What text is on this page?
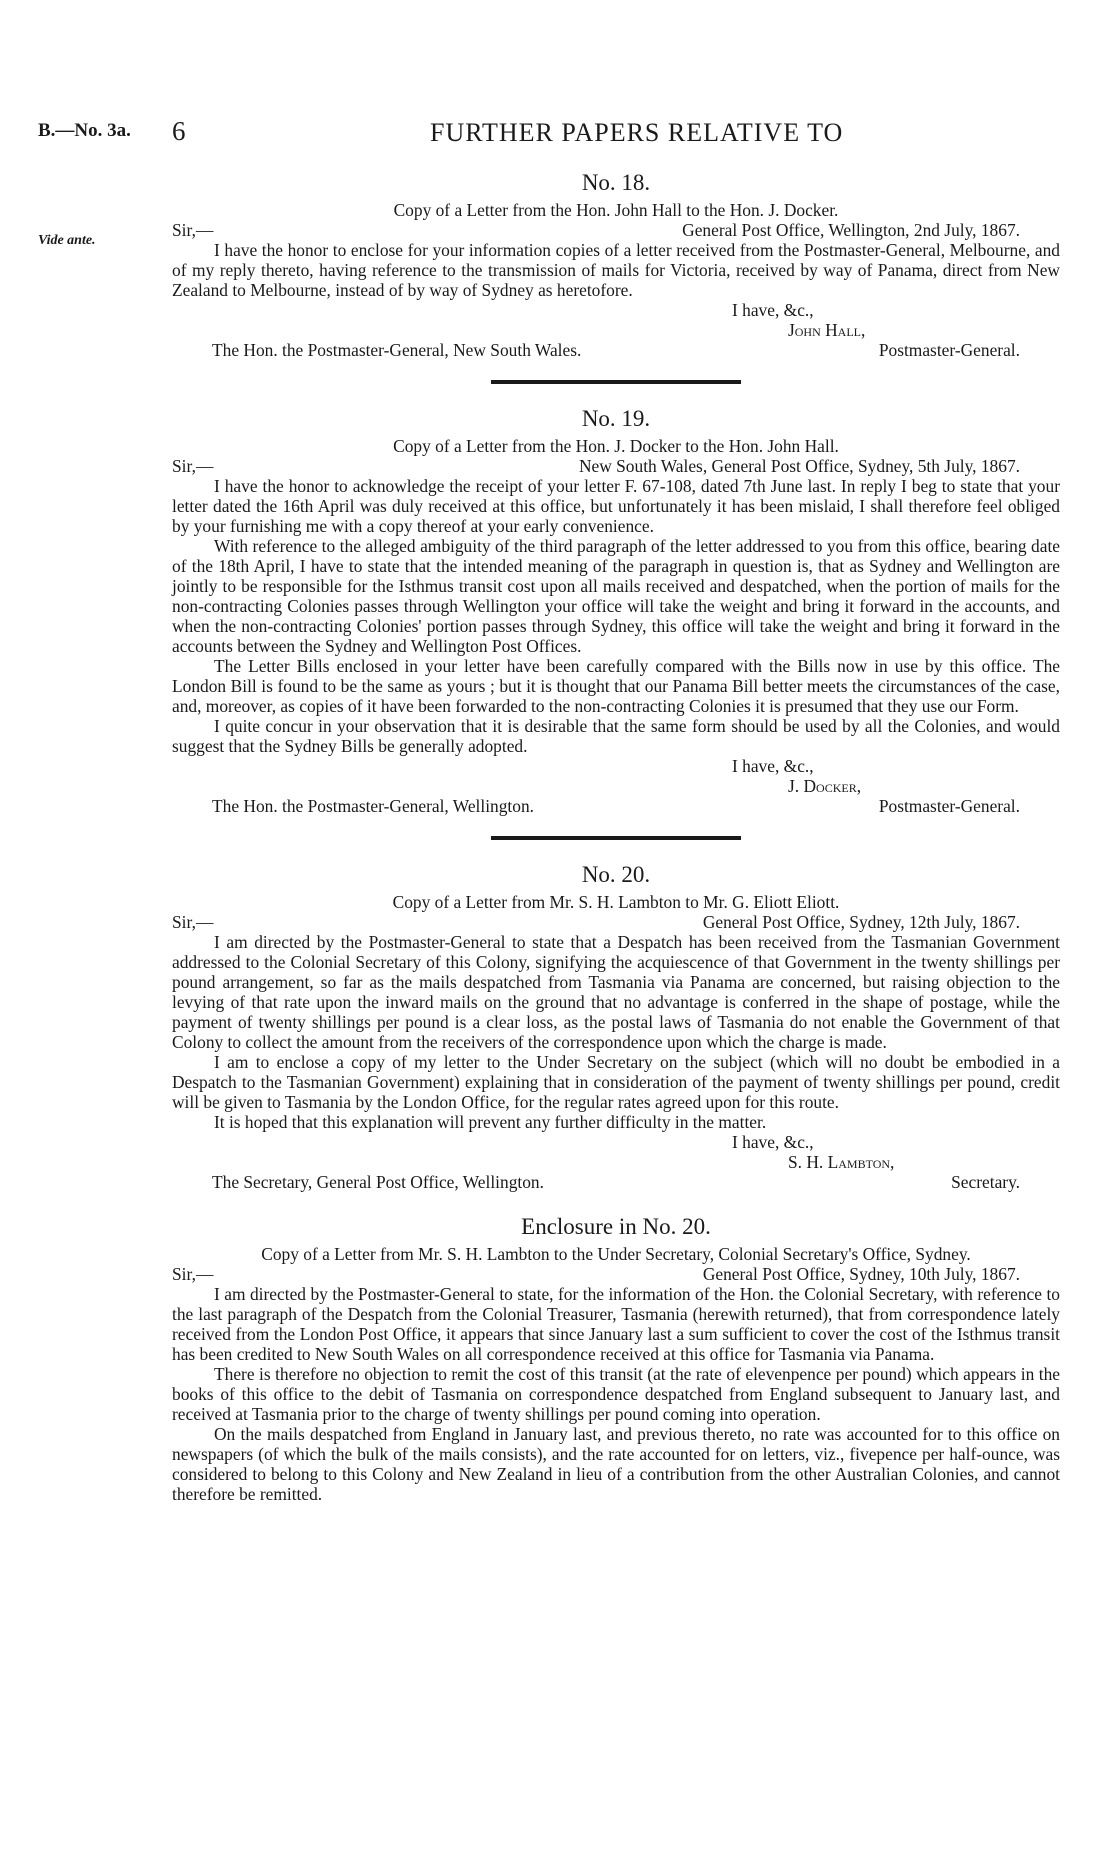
B.—No. 3a. 6	FURTHER PAPERS RELATIVE TO
Vide ante.
No. 18.
Copy of a Letter from the Hon. John Hall to the Hon. J. Docker.
Sir,—	General Post Office, Wellington, 2nd July, 1867.

I have the honor to enclose for your information copies of a letter received from the Postmaster-General, Melbourne, and of my reply thereto, having reference to the transmission of mails for Victoria, received by way of Panama, direct from New Zealand to Melbourne, instead of by way of Sydney as heretofore.

I have, &c.,
John Hall,
The Hon. the Postmaster-General, New South Wales.	Postmaster-General.
No. 19.
Copy of a Letter from the Hon. J. Docker to the Hon. John Hall.
Sir,—	New South Wales, General Post Office, Sydney, 5th July, 1867.

I have the honor to acknowledge the receipt of your letter F. 67-108, dated 7th June last. In reply I beg to state that your letter dated the 16th April was duly received at this office, but unfortunately it has been mislaid, I shall therefore feel obliged by your furnishing me with a copy thereof at your early convenience.

With reference to the alleged ambiguity of the third paragraph of the letter addressed to you from this office, bearing date of the 18th April, I have to state that the intended meaning of the paragraph in question is, that as Sydney and Wellington are jointly to be responsible for the Isthmus transit cost upon all mails received and despatched, when the portion of mails for the non-contracting Colonies passes through Wellington your office will take the weight and bring it forward in the accounts, and when the non-contracting Colonies' portion passes through Sydney, this office will take the weight and bring it forward in the accounts between the Sydney and Wellington Post Offices.

The Letter Bills enclosed in your letter have been carefully compared with the Bills now in use by this office. The London Bill is found to be the same as yours ; but it is thought that our Panama Bill better meets the circumstances of the case, and, moreover, as copies of it have been forwarded to the non-contracting Colonies it is presumed that they use our Form.

I quite concur in your observation that it is desirable that the same form should be used by all the Colonies, and would suggest that the Sydney Bills be generally adopted.

I have, &c.,
J. Docker,
The Hon. the Postmaster-General, Wellington.	Postmaster-General.
No. 20.
Copy of a Letter from Mr. S. H. Lambton to Mr. G. Eliott Eliott.
Sir,—	General Post Office, Sydney, 12th July, 1867.

I am directed by the Postmaster-General to state that a Despatch has been received from the Tasmanian Government addressed to the Colonial Secretary of this Colony, signifying the acquiescence of that Government in the twenty shillings per pound arrangement, so far as the mails despatched from Tasmania via Panama are concerned, but raising objection to the levying of that rate upon the inward mails on the ground that no advantage is conferred in the shape of postage, while the payment of twenty shillings per pound is a clear loss, as the postal laws of Tasmania do not enable the Government of that Colony to collect the amount from the receivers of the correspondence upon which the charge is made.

I am to enclose a copy of my letter to the Under Secretary on the subject (which will no doubt be embodied in a Despatch to the Tasmanian Government) explaining that in consideration of the payment of twenty shillings per pound, credit will be given to Tasmania by the London Office, for the regular rates agreed upon for this route.

It is hoped that this explanation will prevent any further difficulty in the matter.

I have, &c.,
S. H. Lambton,
The Secretary, General Post Office, Wellington.	Secretary.
Enclosure in No. 20.
Copy of a Letter from Mr. S. H. Lambton to the Under Secretary, Colonial Secretary's Office, Sydney.
Sir,—	General Post Office, Sydney, 10th July, 1867.

I am directed by the Postmaster-General to state, for the information of the Hon. the Colonial Secretary, with reference to the last paragraph of the Despatch from the Colonial Treasurer, Tasmania (herewith returned), that from correspondence lately received from the London Post Office, it appears that since January last a sum sufficient to cover the cost of the Isthmus transit has been credited to New South Wales on all correspondence received at this office for Tasmania via Panama.

There is therefore no objection to remit the cost of this transit (at the rate of elevenpence per pound) which appears in the books of this office to the debit of Tasmania on correspondence despatched from England subsequent to January last, and received at Tasmania prior to the charge of twenty shillings per pound coming into operation.

On the mails despatched from England in January last, and previous thereto, no rate was accounted for to this office on newspapers (of which the bulk of the mails consists), and the rate accounted for on letters, viz., fivepence per half-ounce, was considered to belong to this Colony and New Zealand in lieu of a contribution from the other Australian Colonies, and cannot therefore be remitted.
